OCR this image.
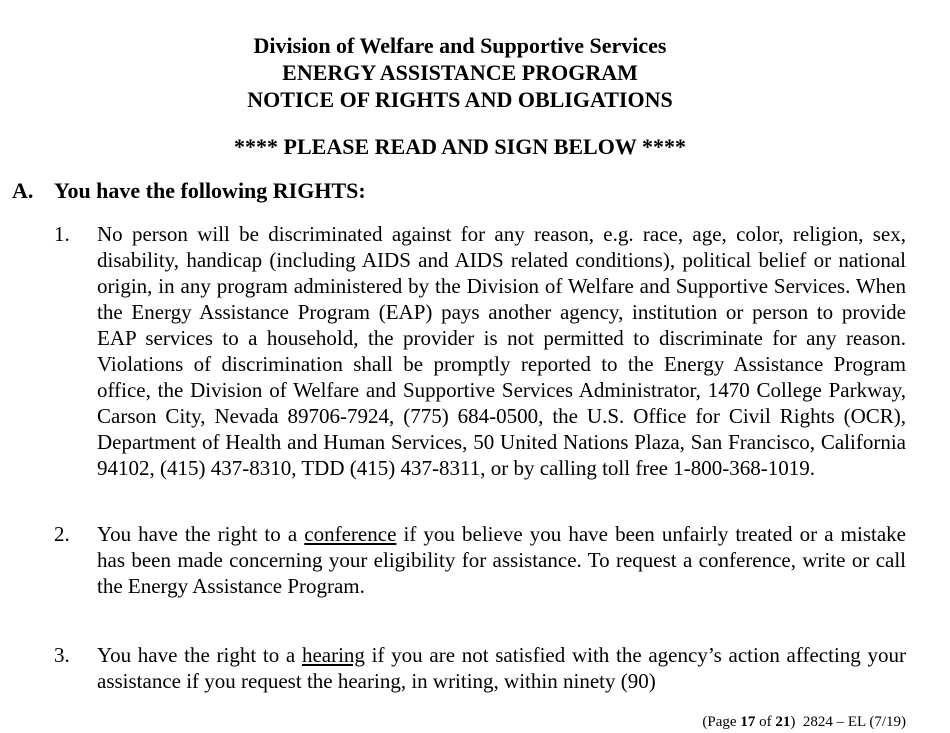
Division of Welfare and Supportive Services
ENERGY ASSISTANCE PROGRAM
NOTICE OF RIGHTS AND OBLIGATIONS
**** PLEASE READ AND SIGN BELOW ****
A. You have the following RIGHTS:
1.	No person will be discriminated against for any reason, e.g. race, age, color, religion, sex, disability, handicap (including AIDS and AIDS related conditions), political belief or national origin, in any program administered by the Division of Welfare and Supportive Services. When the Energy Assistance Program (EAP) pays another agency, institution or person to provide EAP services to a household, the provider is not permitted to discriminate for any reason. Violations of discrimination shall be promptly reported to the Energy Assistance Program office, the Division of Welfare and Supportive Services Administrator, 1470 College Parkway, Carson City, Nevada 89706-7924, (775) 684-0500, the U.S. Office for Civil Rights (OCR), Department of Health and Human Services, 50 United Nations Plaza, San Francisco, California 94102, (415) 437-8310, TDD (415) 437-8311, or by calling toll free 1-800-368-1019.
2.	You have the right to a conference if you believe you have been unfairly treated or a mistake has been made concerning your eligibility for assistance. To request a conference, write or call the Energy Assistance Program.
3.	You have the right to a hearing if you are not satisfied with the agency’s action affecting your assistance if you request the hearing, in writing, within ninety (90)
(Page 17 of 21) 2824 – EL (7/19)
